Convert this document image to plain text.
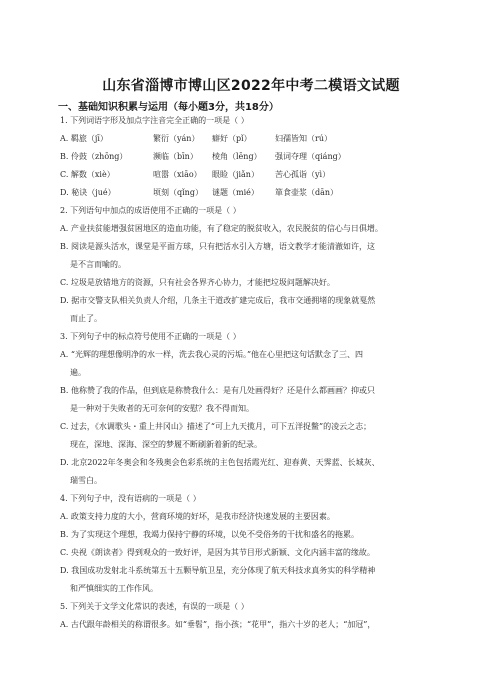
山东省淄博市博山区2022年中考二模语文试题
一、基础知识积累与运用（每小题3分，共18分）
1. 下列词语字形及加点字注音完全正确的一项是（ ）
A. 羁旅（jī）	繁衍（yán） 癖好（pǐ）	妇孺皆知（rú）
B. 伶鼓（zhōng）	濒临（bīn） 棱角（lēng） 强词夺理（qiáng）
C. 解数（xiè）	喧嚣（xiāo） 眼睑（jiǎn） 苦心孤诣（yì）
D. 秘诀（jué）	顷刻（qǐng） 谜题（mié） 箪食壶浆（dān）
2. 下列语句中加点的成语使用不正确的一项是（ ）
A. 产业扶贫能增强贫困地区的造血功能，有了稳定的脱贫收入，农民脱贫的信心与日俱增。
B. 阅读是源头活水，课堂是平面方球，只有把活水引入方塘，语文教学才能清澈如许，这
是不言而喻的。
C. 垃圾是放错地方的资源，只有社会各界齐心协力，才能把垃圾问题解决好。
D. 据市交警支队相关负责人介绍，几条主干道改扩建完成后，我市交通拥堵的现象就戛然
而止了。
3. 下列句子中的标点符号使用不正确的一项是（ ）
A. “光辉的理想像明净的水一样，洗去我心灵的污垢。”他在心里把这句话默念了三、四
遍。
B. 他称赞了我的作品，但到底是称赞我什么：是有几处画得好？还是什么都画画？抑或只
是一种对于失败者的无可奈何的安慰？我不得而知。
C. 过去，《水调歌头・重上井冈山》描述了“可上九天揽月，可下五洋捉鳖”的凌云之志；
现在，深地、深海、深空的梦履不断刷新着新的纪录。
D. 北京2022年冬奥会和冬残奥会色彩系统的主色包括霞光红、迎春黄、天霁蓝、长城灰、
瑞雪白。
4. 下列句子中，没有语病的一项是（ ）
A. 政策支持力度的大小，营商环境的好坏，是我市经济快速发展的主要因素。
B. 为了实现这个理想，我竭力保持宁静的环境，以免不受俗务的干扰和盛名的拖累。
C. 央视《朗读者》得到观众的一致好评，是因为其节目形式新颖、文化内涵丰富的缘故。
D. 我国成功发射北斗系统第五十五颗导航卫星，充分体现了航天科技求真务实的科学精神
和严慎细实的工作作风。
5. 下列关于文学文化常识的表述，有误的一项是（ ）
A. 古代跟年龄相关的称谓很多。如“垂髫”，指小孩；“花甲”，指六十岁的老人；“加冠”，
